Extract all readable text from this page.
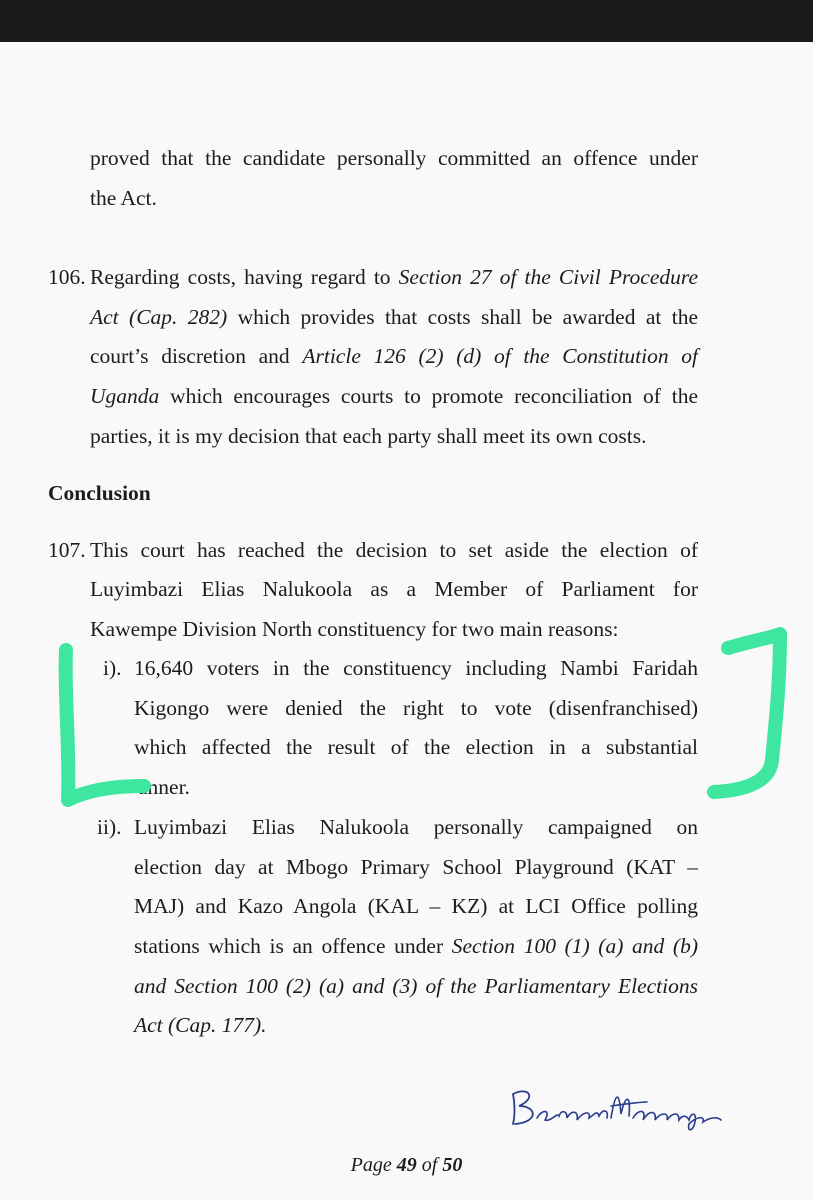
proved that the candidate personally committed an offence under
the Act.
106. Regarding costs, having regard to Section 27 of the Civil Procedure
Act (Cap. 282) which provides that costs shall be awarded at the
court’s discretion and Article 126 (2) (d) of the Constitution of
Uganda which encourages courts to promote reconciliation of the
parties, it is my decision that each party shall meet its own costs.
Conclusion
107. This court has reached the decision to set aside the election of
Luyimbazi Elias Nalukoola as a Member of Parliament for
Kawempe Division North constituency for two main reasons:
i). 16,640 voters in the constituency including Nambi Faridah
Kigongo were denied the right to vote (disenfranchised)
which affected the result of the election in a substantial
anner.
ii). Luyimbazi Elias Nalukoola personally campaigned on
election day at Mbogo Primary School Playground (KAT –
MAJ) and Kazo Angola (KAL – KZ) at LCI Office polling
stations which is an offence under Section 100 (1) (a) and (b)
and Section 100 (2) (a) and (3) of the Parliamentary Elections
Act (Cap. 177).
Page 49 of 50
